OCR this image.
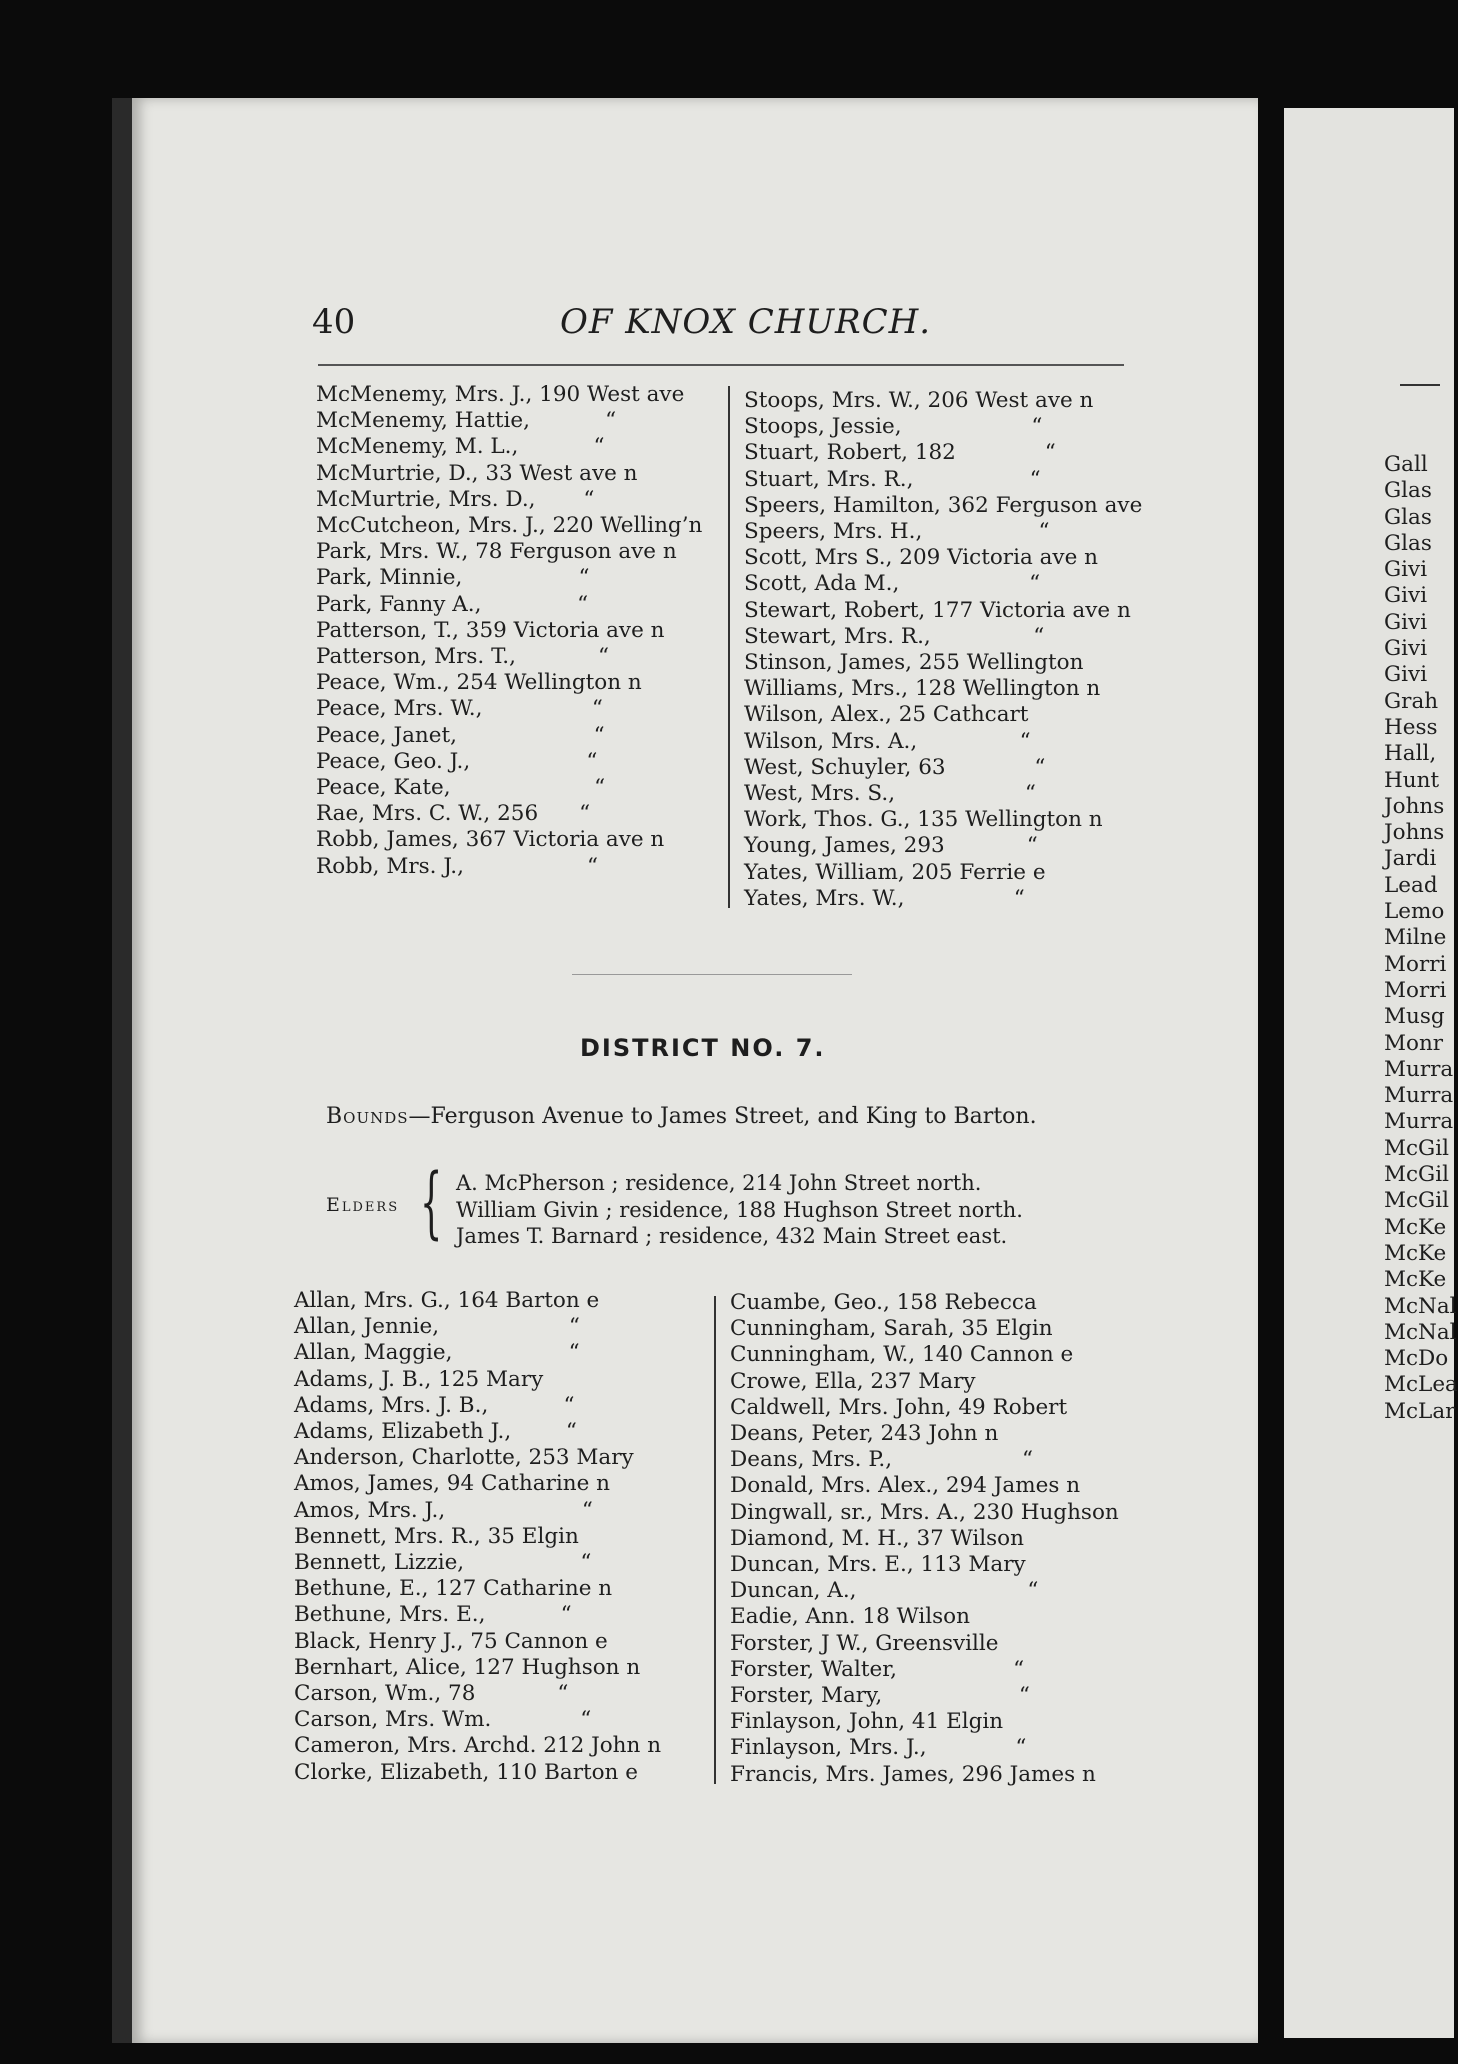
40	OF KNOX CHURCH.
McMenemy, Mrs. J., 190 West ave
McMenemy, Hattie,           “
McMenemy, M. L.,           “
McMurtrie, D., 33 West ave n
McMurtrie, Mrs. D.,       “
McCutcheon, Mrs. J., 220 Welling’n
Park, Mrs. W., 78 Ferguson ave n
Park, Minnie,                 “
Park, Fanny A.,              “
Patterson, T., 359 Victoria ave n
Patterson, Mrs. T.,            “
Peace, Wm., 254 Wellington n
Peace, Mrs. W.,                “
Peace, Janet,                    “
Peace, Geo. J.,                 “
Peace, Kate,                     “
Rae, Mrs. C. W., 256      “
Robb, James, 367 Victoria ave n
Robb, Mrs. J.,                  “
Stoops, Mrs. W., 206 West ave n
Stoops, Jessie,                   “
Stuart, Robert, 182             “
Stuart, Mrs. R.,                 “
Speers, Hamilton, 362 Ferguson ave
Speers, Mrs. H.,                 “
Scott, Mrs S., 209 Victoria ave n
Scott, Ada M.,                   “
Stewart, Robert, 177 Victoria ave n
Stewart, Mrs. R.,               “
Stinson, James, 255 Wellington
Williams, Mrs., 128 Wellington n
Wilson, Alex., 25 Cathcart
Wilson, Mrs. A.,               “
West, Schuyler, 63             “
West, Mrs. S.,                   “
Work, Thos. G., 135 Wellington n
Young, James, 293            “
Yates, William, 205 Ferrie e
Yates, Mrs. W.,                “
DISTRICT NO. 7.
Bounds—Ferguson Avenue to James Street, and King to Barton.
Elders { A. McPherson ; residence, 214 John Street north.
William Givin ; residence, 188 Hughson Street north.
James T. Barnard ; residence, 432 Main Street east.
Allan, Mrs. G., 164 Barton e
Allan, Jennie,                   “
Allan, Maggie,                 “
Adams, J. B., 125 Mary
Adams, Mrs. J. B.,           “
Adams, Elizabeth J.,        “
Anderson, Charlotte, 253 Mary
Amos, James, 94 Catharine n
Amos, Mrs. J.,                    “
Bennett, Mrs. R., 35 Elgin
Bennett, Lizzie,                 “
Bethune, E., 127 Catharine n
Bethune, Mrs. E.,           “
Black, Henry J., 75 Cannon e
Bernhart, Alice, 127 Hughson n
Carson, Wm., 78            “
Carson, Mrs. Wm.             “
Cameron, Mrs. Archd. 212 John n
Clorke, Elizabeth, 110 Barton e
Cuambe, Geo., 158 Rebecca
Cunningham, Sarah, 35 Elgin
Cunningham, W., 140 Cannon e
Crowe, Ella, 237 Mary
Caldwell, Mrs. John, 49 Robert
Deans, Peter, 243 John n
Deans, Mrs. P.,                   “
Donald, Mrs. Alex., 294 James n
Dingwall, sr., Mrs. A., 230 Hughson
Diamond, M. H., 37 Wilson
Duncan, Mrs. E., 113 Mary
Duncan, A.,                         “
Eadie, Ann. 18 Wilson
Forster, J W., Greensville
Forster, Walter,                 “
Forster, Mary,                    “
Finlayson, John, 41 Elgin
Finlayson, Mrs. J.,             “
Francis, Mrs. James, 296 James n
Gall
Glas
Glas
Glas
Givi
Givi
Givi
Givi
Givi
Grah
Hess
Hall,
Hunt
Johns
Johns
Jardi
Lead
Lemo
Milne
Morri
Morri
Musg
Monr
Murra
Murra
Murra
McGil
McGil
McGil
McKe
McKe
McKe
McNal
McNal
McDo
McLea
McLar
